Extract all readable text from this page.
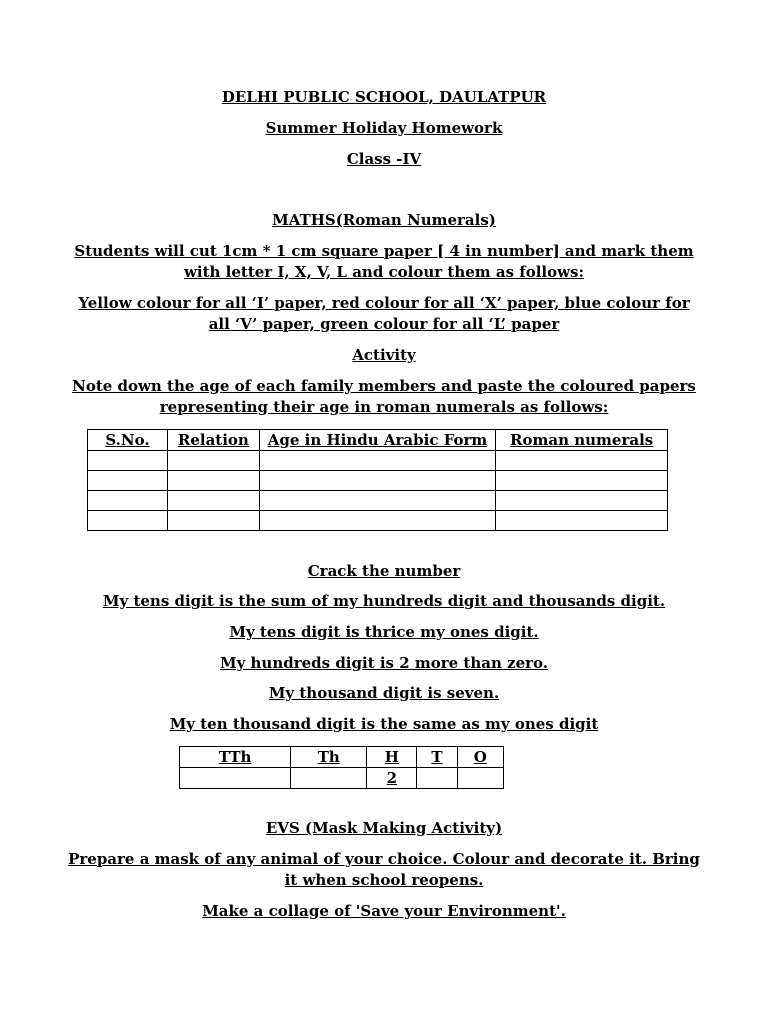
DELHI PUBLIC SCHOOL, DAULATPUR
Summer Holiday Homework
Class -IV
MATHS(Roman Numerals)
Students will cut 1cm * 1 cm square paper [ 4 in number] and mark them
with letter I, X, V, L and colour them as follows:
Yellow colour for all ‘I’ paper, red colour for all ‘X’ paper, blue colour for
all ‘V’ paper, green colour for all ‘L’ paper
Activity
Note down the age of each family members and paste the coloured papers
representing their age in roman numerals as follows:
S.No.	Relation	Age in Hindu Arabic Form	Roman numerals

Crack the number
My tens digit is the sum of my hundreds digit and thousands digit.
My tens digit is thrice my ones digit.
My hundreds digit is 2 more than zero.
My thousand digit is seven.
My ten thousand digit is the same as my ones digit
TTh	Th	H	T	O
		2		
EVS (Mask Making Activity)
Prepare a mask of any animal of your choice. Colour and decorate it. Bring
it when school reopens.
Make a collage of 'Save your Environment'.
